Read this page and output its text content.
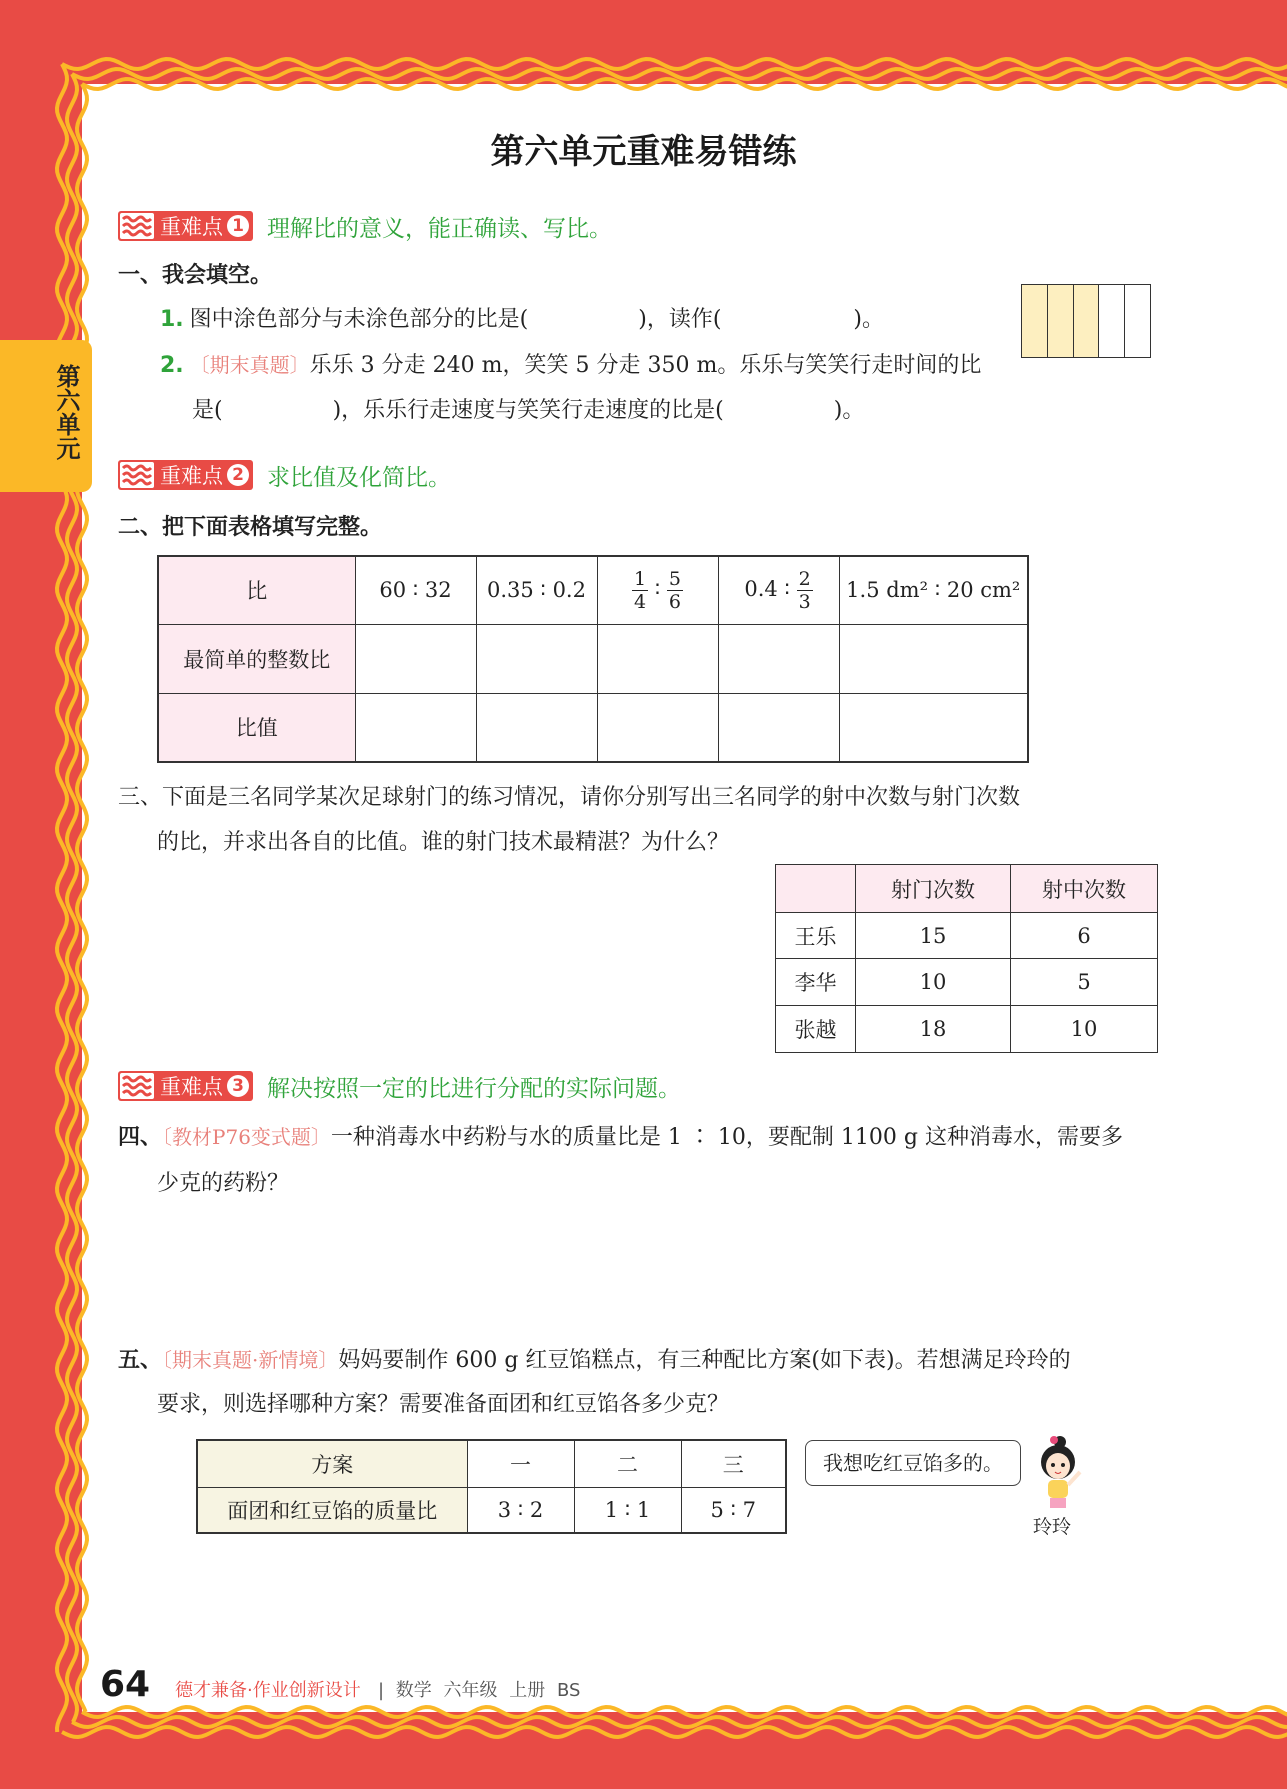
第六单元
第六单元重难易错练
重难点 1 理解比的意义，能正确读、写比。
一、我会填空。
1. 图中涂色部分与未涂色部分的比是(　　　　　)，读作(　　　　　　)。
2. 〔期末真题〕乐乐 3 分走 240 m，笑笑 5 分走 350 m。乐乐与笑笑行走时间的比
是(　　　　　)，乐乐行走速度与笑笑行走速度的比是(　　　　　)。
重难点 2 求比值及化简比。
二、把下面表格填写完整。
比	60 ∶ 32	0.35 ∶ 0.2	$\frac{1}{4}$ ∶ $\frac{5}{6}$	0.4 ∶ $\frac{2}{3}$	1.5 dm² ∶ 20 cm²
最简单的整数比					
比值					
三、下面是三名同学某次足球射门的练习情况，请你分别写出三名同学的射中次数与射门次数
的比，并求出各自的比值。谁的射门技术最精湛？为什么？
	射门次数	射中次数
王乐	15	6
李华	10	5
张越	18	10
重难点 3 解决按照一定的比进行分配的实际问题。
四、〔教材P76变式题〕一种消毒水中药粉与水的质量比是 1 ∶ 10，要配制 1100 g 这种消毒水，需要多
少克的药粉？
五、〔期末真题·新情境〕妈妈要制作 600 g 红豆馅糕点，有三种配比方案(如下表)。若想满足玲玲的
要求，则选择哪种方案？需要准备面团和红豆馅各多少克？
方案	一	二	三
面团和红豆馅的质量比	3 ∶ 2	1 ∶ 1	5 ∶ 7
我想吃红豆馅多的。
玲玲
64 德才兼备·作业创新设计 | 数学 六年级 上册 BS
